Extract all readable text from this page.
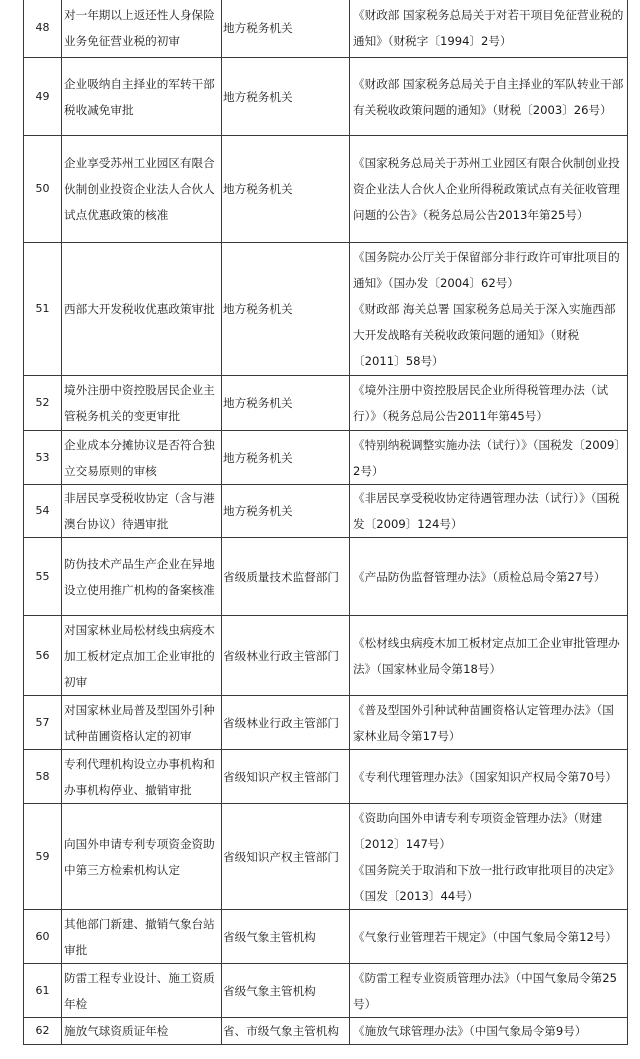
48	对一年期以上返还性人身保险业务免征营业税的初审	地方税务机关	《财政部 国家税务总局关于对若干项目免征营业税的通知》（财税字〔1994〕2号）

49	企业吸纳自主择业的军转干部税收减免审批	地方税务机关	《财政部 国家税务总局关于自主择业的军队转业干部有关税收政策问题的通知》（财税〔2003〕26号）

50	企业享受苏州工业园区有限合伙制创业投资企业法人合伙人试点优惠政策的核准	地方税务机关	《国家税务总局关于苏州工业园区有限合伙制创业投资企业法人合伙人企业所得税政策试点有关征收管理问题的公告》（税务总局公告2013年第25号）

51	西部大开发税收优惠政策审批	地方税务机关	《国务院办公厅关于保留部分非行政许可审批项目的通知》（国办发〔2004〕62号）
《财政部 海关总署 国家税务总局关于深入实施西部大开发战略有关税收政策问题的通知》（财税〔2011〕58号）

52	境外注册中资控股居民企业主管税务机关的变更审批	地方税务机关	《境外注册中资控股居民企业所得税管理办法（试行）》（税务总局公告2011年第45号）

53	企业成本分摊协议是否符合独立交易原则的审核	地方税务机关	《特别纳税调整实施办法（试行）》（国税发〔2009〕2号）

54	非居民享受税收协定（含与港澳台协议）待遇审批	地方税务机关	《非居民享受税收协定待遇管理办法（试行）》（国税发〔2009〕124号）

55	防伪技术产品生产企业在异地设立使用推广机构的备案核准	省级质量技术监督部门	《产品防伪监督管理办法》（质检总局令第27号）

56	对国家林业局松材线虫病疫木加工板材定点加工企业审批的初审	省级林业行政主管部门	《松材线虫病疫木加工板材定点加工企业审批管理办法》（国家林业局令第18号）

57	对国家林业局普及型国外引种试种苗圃资格认定的初审	省级林业行政主管部门	《普及型国外引种试种苗圃资格认定管理办法》（国家林业局令第17号）

58	专利代理机构设立办事机构和办事机构停业、撤销审批	省级知识产权主管部门	《专利代理管理办法》（国家知识产权局令第70号）

59	向国外申请专利专项资金资助中第三方检索机构认定	省级知识产权主管部门	《资助向国外申请专利专项资金管理办法》（财建〔2012〕147号）
《国务院关于取消和下放一批行政审批项目的决定》（国发〔2013〕44号）

60	其他部门新建、撤销气象台站审批	省级气象主管机构	《气象行业管理若干规定》（中国气象局令第12号）

61	防雷工程专业设计、施工资质年检	省级气象主管机构	《防雷工程专业资质管理办法》（中国气象局令第25号）

62	施放气球资质证年检	省、市级气象主管机构	《施放气球管理办法》（中国气象局令第9号）
